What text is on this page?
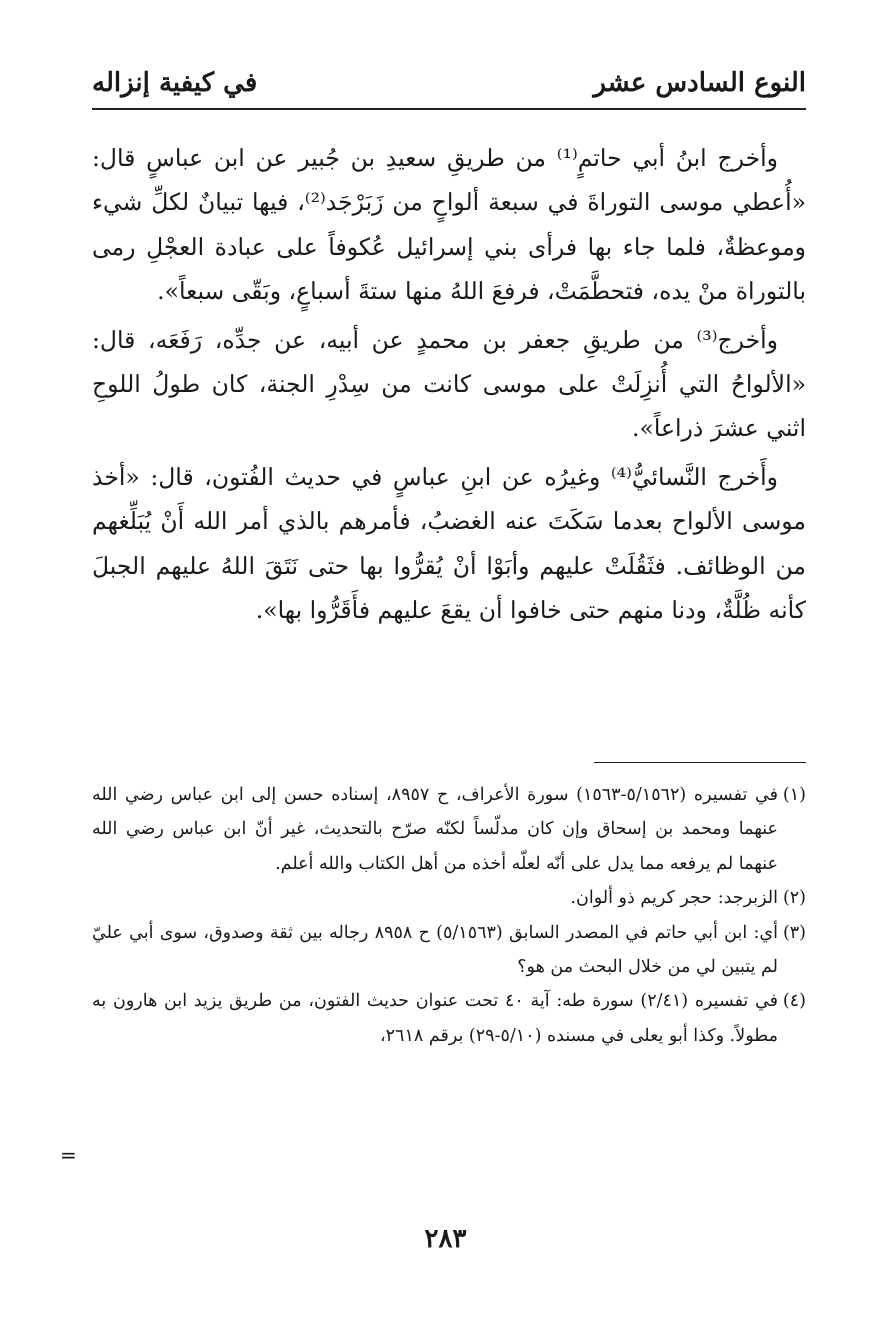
النوع السادس عشر
في كيفية إنزاله

وأخرج ابنُ أبي حاتمٍ⁽¹⁾ من طريقِ سعيدِ بن جُبير عن ابن عباسٍ قال: «أُعطي موسى التوراةَ في سبعة ألواحٍ من زَبَرْجَد⁽²⁾، فيها تبيانٌ لكلِّ شيء وموعظةٌ، فلما جاء بها فرأى بني إسرائيل عُكوفاً على عبادة العجْلِ رمى بالتوراة منْ يده، فتحطَّمَتْ، فرفعَ اللهُ منها ستةَ أسباعٍ، وبَقّى سبعاً».

وأخرج⁽³⁾ من طريقِ جعفر بن محمدٍ عن أبيه، عن جدِّه، رَفَعَه، قال: «الألواحُ التي أُنزِلَتْ على موسى كانت من سِدْرِ الجنة، كان طولُ اللوحِ اثني عشرَ ذراعاً».

وأَخرج النَّسائيُّ⁽⁴⁾ وغيرُه عن ابنِ عباسٍ في حديث الفُتون، قال: «أخذ موسى الألواح بعدما سَكَتَ عنه الغضبُ، فأمرهم بالذي أمر الله أَنْ يُبَلِّغهم من الوظائف. فثَقُلَتْ عليهم وأبَوْا أنْ يُقرُّوا بها حتى نَتَقَ اللهُ عليهم الجبلَ كأنه ظُلَّةٌ، ودنا منهم حتى خافوا أن يقعَ عليهم فأَقَرُّوا بها».

(١)في تفسيره (٥/١٥٦٢-١٥٦٣) سورة الأعراف، ح ٨٩٥٧، إسناده حسن إلى ابن عباس رضي الله عنهما ومحمد بن إسحاق وإن كان مدلّساً لكنّه صرّح بالتحديث، غير أنّ ابن عباس رضي الله عنهما لم يرفعه مما يدل على أنّه لعلّه أخذه من أهل الكتاب والله أعلم.

(٢)الزبرجد: حجر كريم ذو ألوان.

(٣)أي: ابن أبي حاتم في المصدر السابق (٥/١٥٦٣) ح ٨٩٥٨ رجاله بين ثقة وصدوق، سوى أبي عليّ لم يتبين لي من خلال البحث من هو؟

(٤)في تفسيره (٢/٤١) سورة طه: آية ٤٠ تحت عنوان حديث الفتون، من طريق يزيد ابن هارون به مطولاً. وكذا أبو يعلى في مسنده (٥/١٠-٢٩) برقم ٢٦١٨،

=
٢٨٣
